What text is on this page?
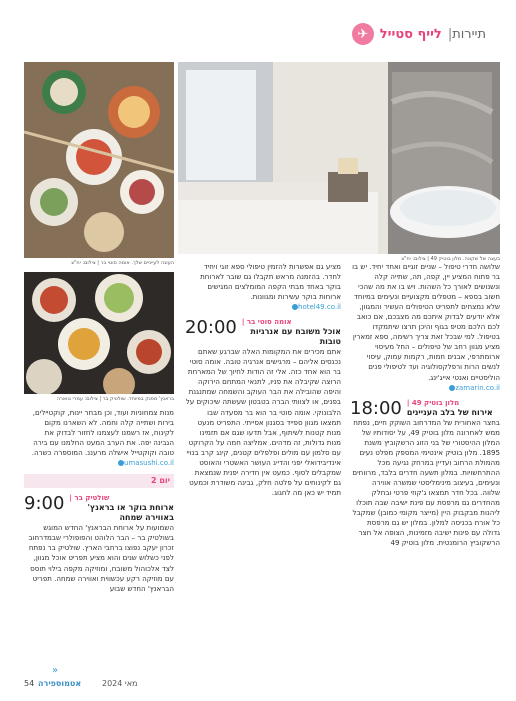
✈ לייף סטייל | תיירות
בעצה של שקונה. מלון בוטיק 49 | צילום: יח"צ
העונה לעייניים שלך. אומה סוטי בר | צילום: יח"צ
בראנץ' מפנק במיוחד. שולטיק בר | צילום: עמרי גווארה

שלושה חדרי טיפול – שניים זוגיים ואחד יחיד. יש בו בר פתוח המציע יין, קפה, תה, שתייה קלה ונשנושים לאורך כל השהות. ויש בו את מה שהכי חשוב בספא – מטפלים מקצועיים ונעימים במיוחד שלא נמצחים לתפריט הטיפולים העשיר והמגוון, אלא יודעים לבדוק איתכם מה מצבכם, אם כואב לכם הלכם מטיפ בגוף והיכן תרצו שיתמקדו בטיפול. למי שבכל זאת צריך רשימה, ספא זמארין מציע מגוון רחב של טיפולים – החל מעיסוי ארומתרפי, אבנים חמות, רקמות עמוק, עיסוי לנשים הרות ורפלקסולוגיה ועד לטיפולי פנים הוליסטיים ואנטי אייג'ינג.

zamarin.co.il

18:00 מלון בוטיק 49 |
אירוח של בלב העניינים

בחצר האחורית של המדרחוב השוקק חיים, נפתח ממש לאחרונה מלון בוטיק 49, על יסודותיו של המלון ההיסטורי של בני הזוג הרשקוביץ משנת 1895. מלון בוטיק אינטימי המספק מפלט נעים מהמולת הרחוב ועדיין במרחק נגיעה מכל ההתרחשויות. במלון תשעה חדרים בלבד, מרווחים ונעימים, בעיצוב מינימליסטי שמשרה אווירה שלווה. בכל חדר תמצאו ג'קוזי פרטי ובחלק מהחדרים גם מרפסת עם פינת ישיבה שבה תוכלו ליהנות מבקבוק היין (מייצר מקומי כמובן) שמקבל כל אורח בכניסה למלון. במלון יש גם מרפסת גדולה עם פינות ישיבה מזמינות, הצופה אל חצר הרשקוביץ הרומנטית. מלון בוטיק 49

מציע גם אפשרות להזמין טיפולי ספא זוגי ויחיד לחדר. בהזמנה מראש תקבלו גם שובר לארוחת בוקר באחד מבתי הקפה המומלצים המגישים ארוחות בוקר עשירות ומגוונות.

hotel49.co.il

20:00 אומה סוטי בר |
אוכל משובח עם אנרגיות טובות

אתם מכירים את המקומות האלה שברגע שאתם נכנסים אליהם – מרגישים אנרגיה טובה. אומה סוטי בר הוא אחד כזה. אלי זה הודות לחיוך של המארחת הרוצה שקיבלה את פניו, לתנאי המתחם הירוקה והיפה שהובילה את הבר העוקב והשמחה שמתנגנת בפנים, או לצוותי הברה בטבטון שעשתה שיכוקים על הלבונוקי. אומה סוטי בר הוא בר מסעדה שבו תמצאו מגוון ספייד בסגנון אסייתי. התפריט מנעט מנות קטנות לשיתוף, אבל תדעו שגם אם תזמינו מנות גדולות, זה מדהים. אמליצה חמה על הקרוקט עם סלמון עם מולים ופלפלים קטנים, קינג קרב בנויי אינדיבידואלי יפני והדייג העושר האשטרי והאוסט שמקבלים לסוף. כמעט אין חדירה יפנית שנמצאת גם לקינוחים על פלטה חלק, גבינה משודרת וכמעט תמיד יש כאן מה לחגוג.

מנות צמחוניות ועוד, וכן מבחר יינות, קוקטיילים, בירות ושתייה קלה וחמה. לא השארנו מקום לקינוח, אז רשמנו לעצמנו לחזור לבדוק את הגבינה יפה. את הערב המעט החלמנו עם בירה טובה וקוקטייל אישלה מרעננ. המוספרה כשרה.

umasushi.co.il

יום 2
9:00 שולטיק בר |
ארוחת בוקר או בראנץ' באווירה שמחה

השמועות על ארוחת הבראנץ' החדש המוגש בשולטיק בר – הבר הלוהט והפופולרי שבמדרחוב זכרון יעקב נפוצו ברחבי הארץ. שולטיק בר נפתח לפני כשלוש שנים והוא מציע תפריט אוכל מגוון, לצד אלכוהול משובח, ומוזיקה מקפה בילוי תוסס עם מוזיקה רקע עכשווית ואווירה שמחה. תפריט הבראנץ' החדש שבוע

54 אטמוספירה	מאי 2024
»
